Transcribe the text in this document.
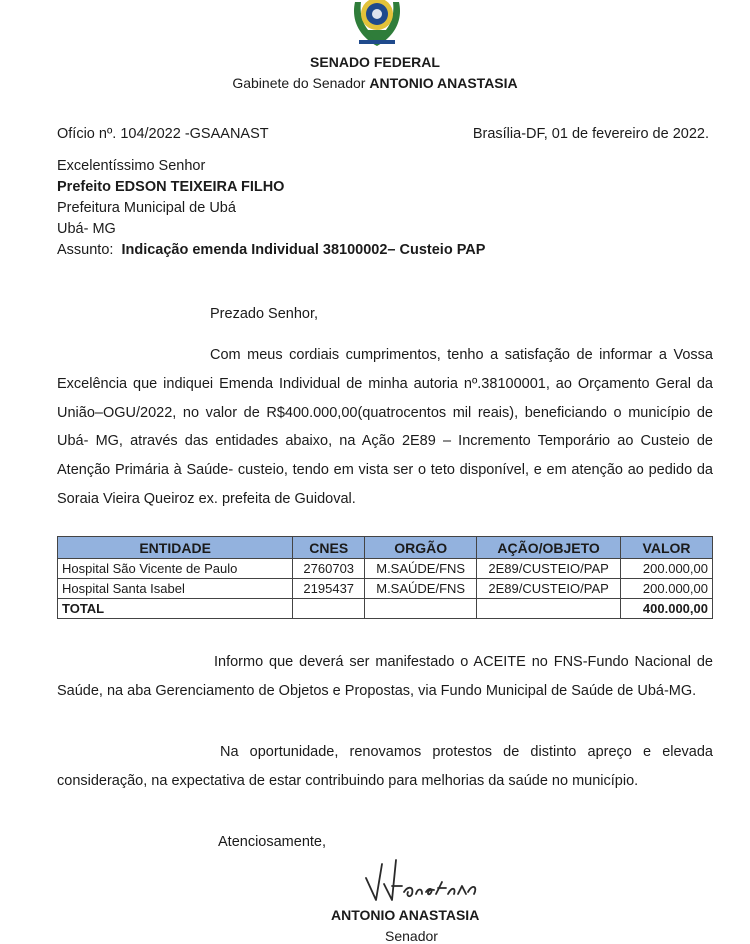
SENADO FEDERAL
Gabinete do Senador ANTONIO ANASTASIA
Ofício nº. 104/2022 -GSAANAST	Brasília-DF, 01 de fevereiro de 2022.
Excelentíssimo Senhor
Prefeito EDSON TEIXEIRA FILHO
Prefeitura Municipal de Ubá
Ubá- MG
Assunto: Indicação emenda Individual 38100002– Custeio PAP
Prezado Senhor,
Com meus cordiais cumprimentos, tenho a satisfação de informar a Vossa Excelência que indiquei Emenda Individual de minha autoria nº.38100001, ao Orçamento Geral da União–OGU/2022, no valor de R$400.000,00(quatrocentos mil reais), beneficiando o município de Ubá- MG, através das entidades abaixo, na Ação 2E89 – Incremento Temporário ao Custeio de Atenção Primária à Saúde- custeio, tendo em vista ser o teto disponível, e em atenção ao pedido da Soraia Vieira Queiroz ex. prefeita de Guidoval.
ENTIDADE	CNES	ORGÃO	AÇÃO/OBJETO	VALOR
Hospital São Vicente de Paulo	2760703	M.SAÚDE/FNS	2E89/CUSTEIO/PAP	200.000,00
Hospital Santa Isabel	2195437	M.SAÚDE/FNS	2E89/CUSTEIO/PAP	200.000,00
TOTAL				400.000,00
Informo que deverá ser manifestado o ACEITE no FNS-Fundo Nacional de Saúde, na aba Gerenciamento de Objetos e Propostas, via Fundo Municipal de Saúde de Ubá-MG.
Na oportunidade, renovamos protestos de distinto apreço e elevada consideração, na expectativa de estar contribuindo para melhorias da saúde no município.
Atenciosamente,
ANTONIO ANASTASIA
Senador
